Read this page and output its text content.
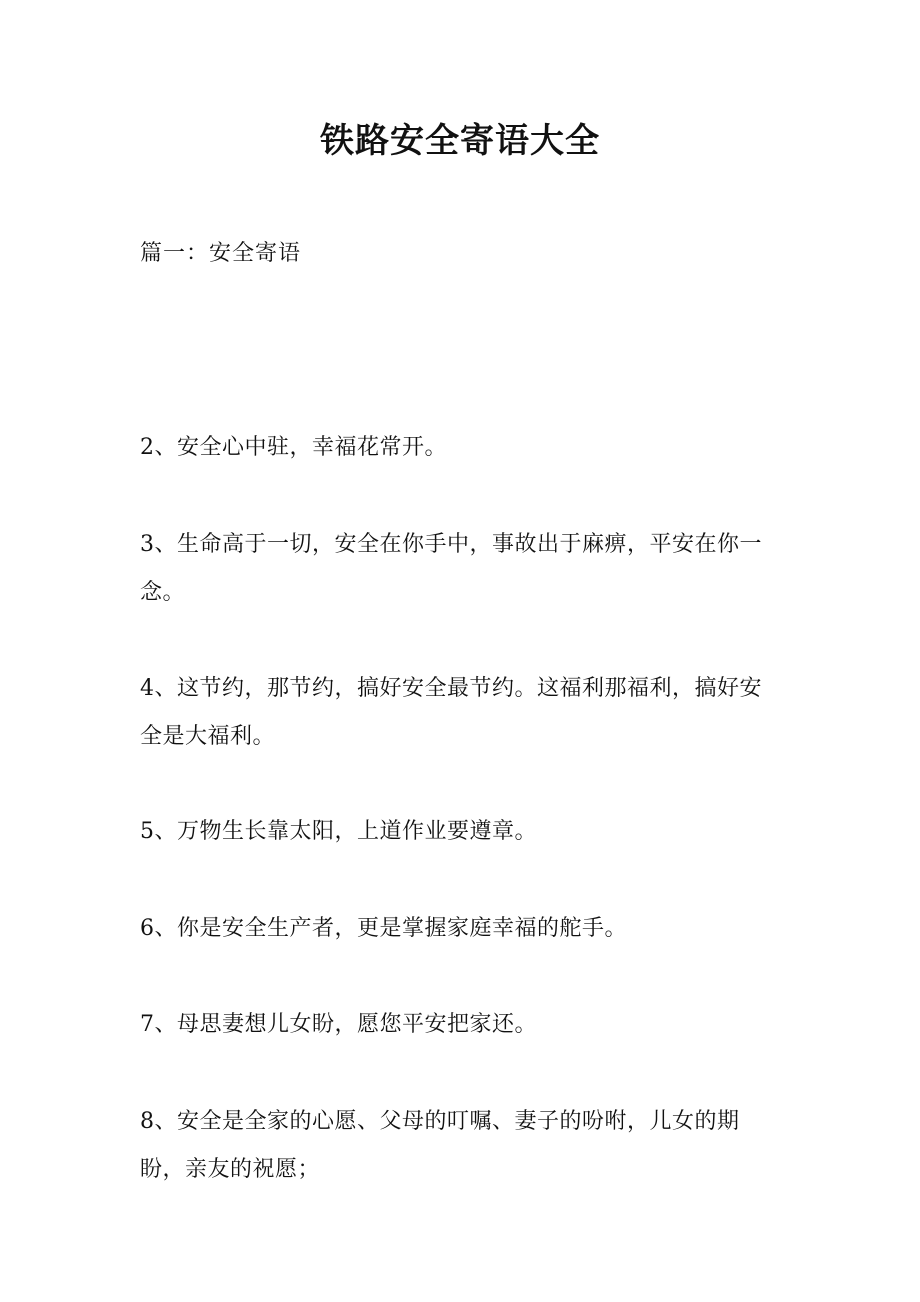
铁路安全寄语大全
篇一：安全寄语
2、安全心中驻，幸福花常开。
3、生命高于一切，安全在你手中，事故出于麻痹，平安在你一念。
4、这节约，那节约，搞好安全最节约。这福利那福利，搞好安全是大福利。
5、万物生长靠太阳，上道作业要遵章。
6、你是安全生产者，更是掌握家庭幸福的舵手。
7、母思妻想儿女盼，愿您平安把家还。
8、安全是全家的心愿、父母的叮嘱、妻子的吩咐，儿女的期盼，亲友的祝愿；
